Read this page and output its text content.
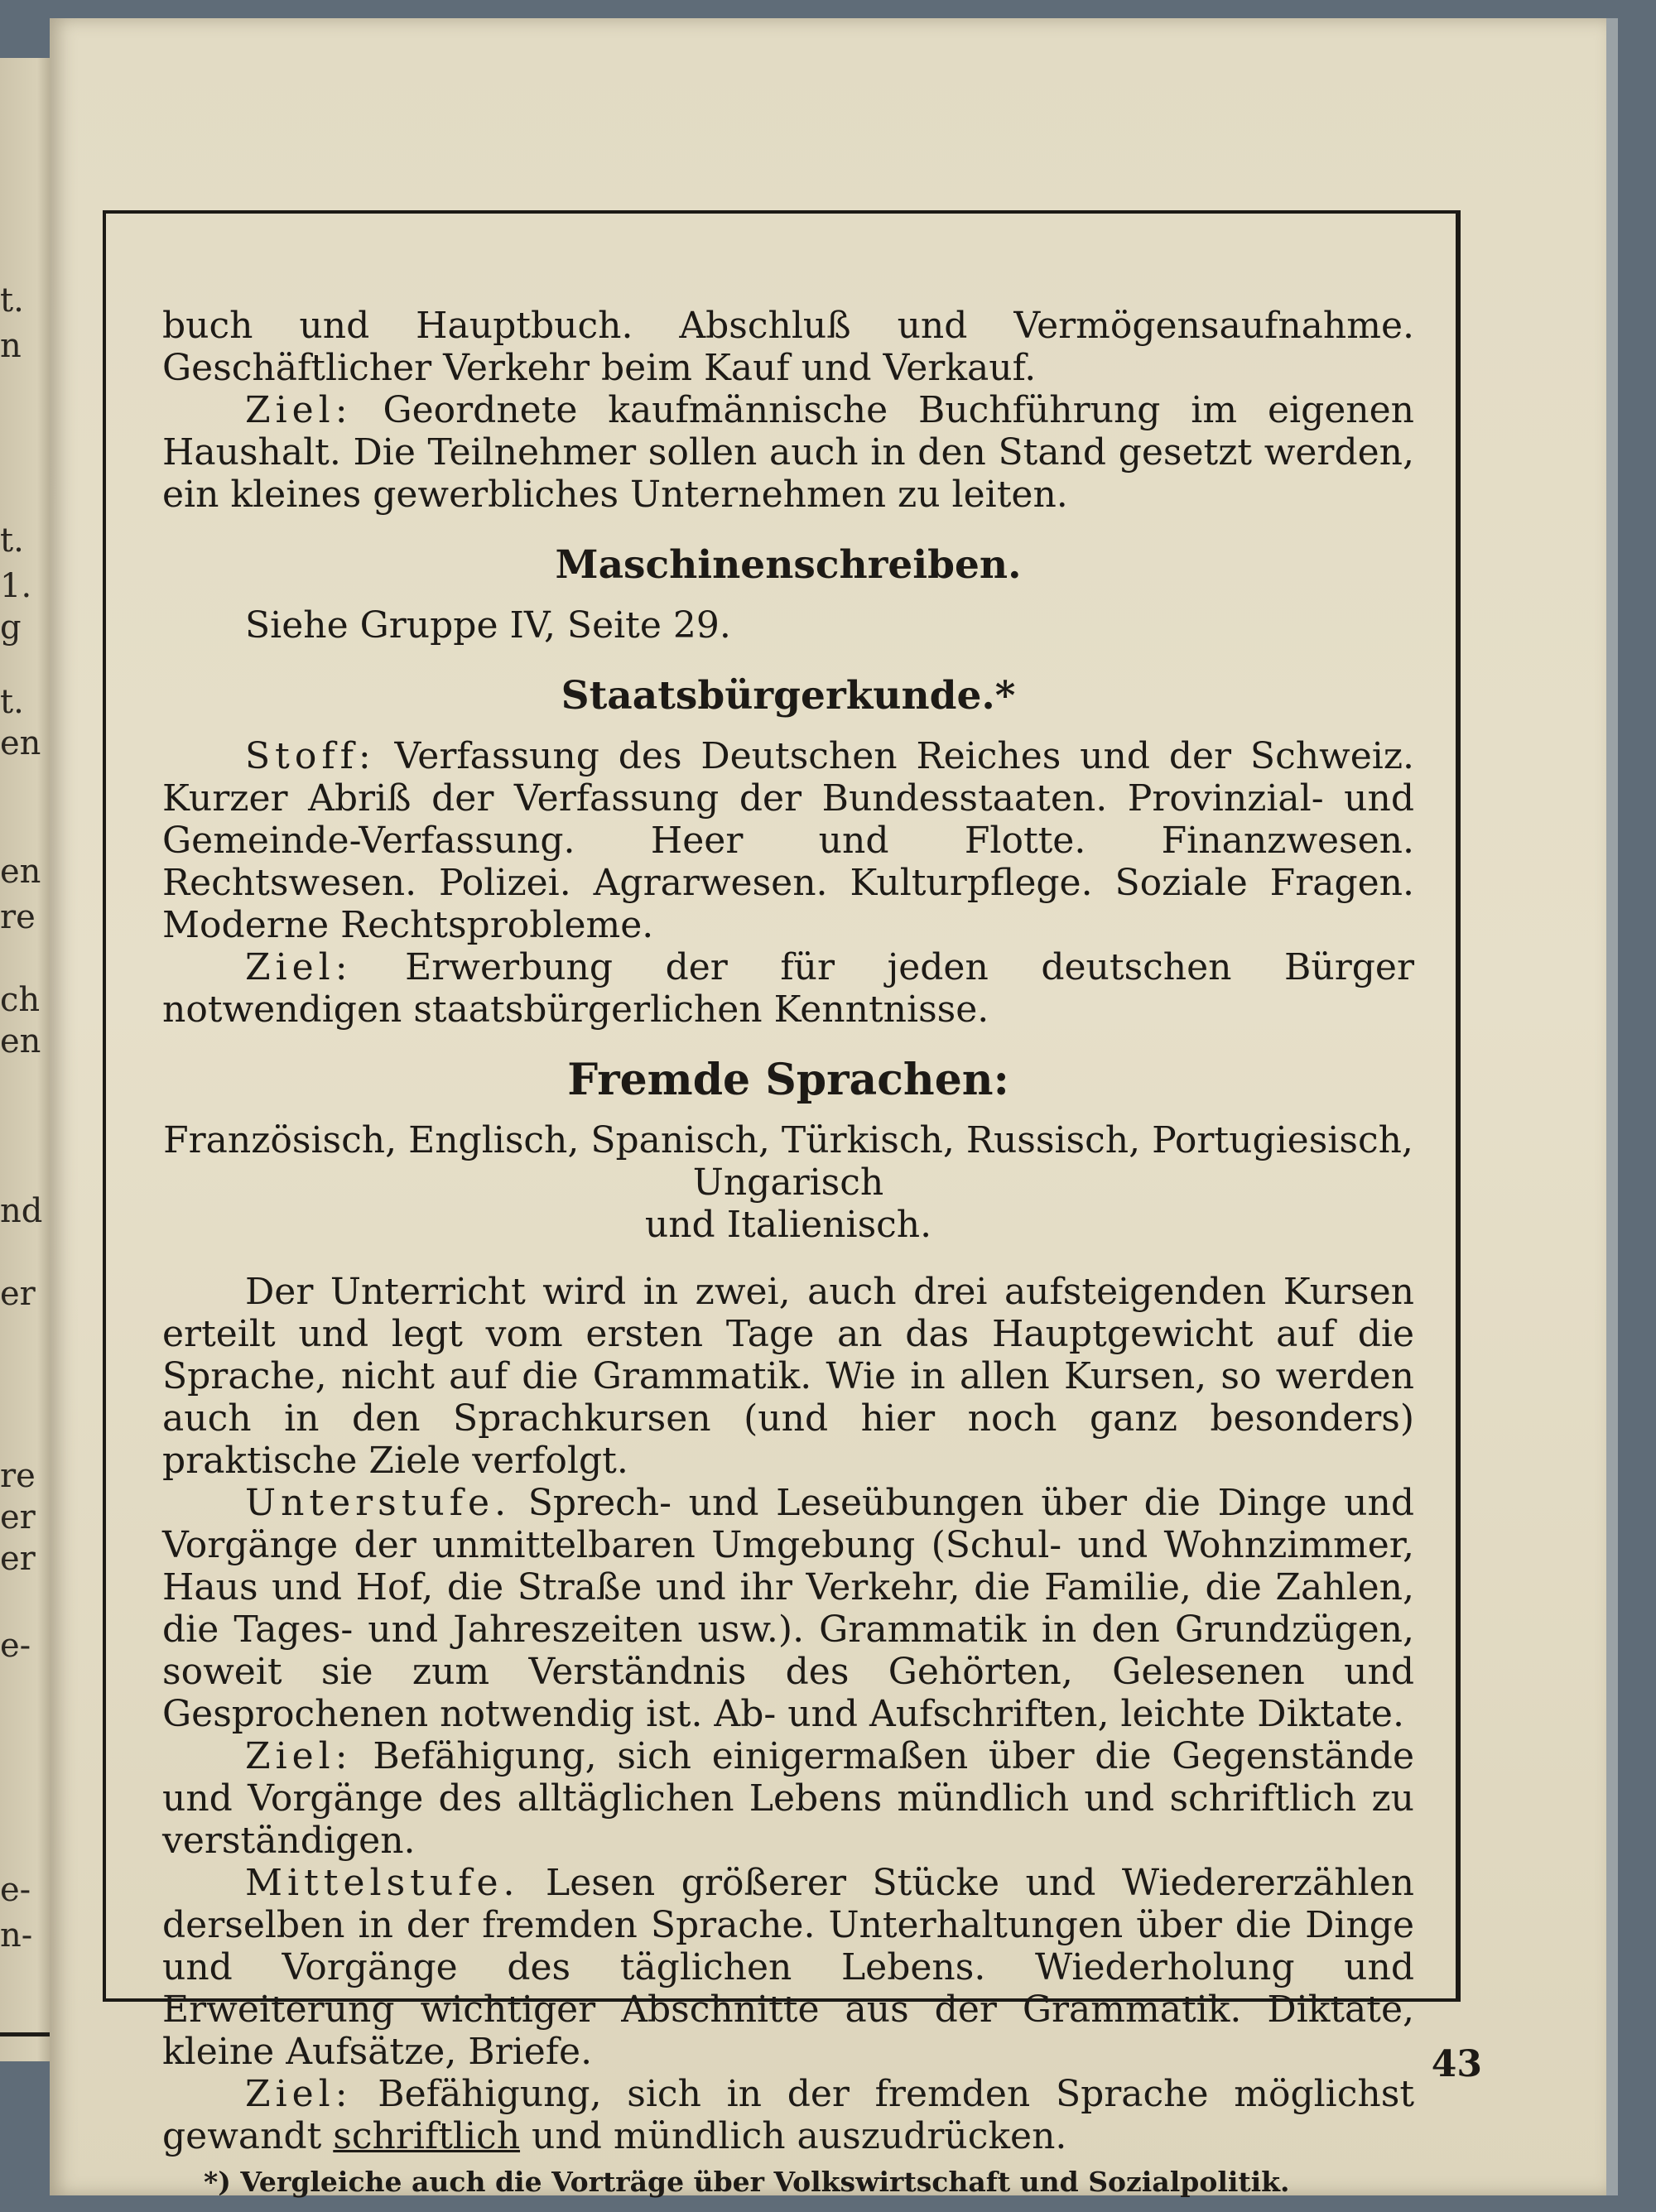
t.
n
t.
1.
g
t.
en
en
re
ch
en
nd
er
re
er
er
e-
e-
n-

buch und Hauptbuch. Abschluß und Vermögensaufnahme. Geschäftlicher Verkehr beim Kauf und Verkauf.

Ziel: Geordnete kaufmännische Buchführung im eigenen Haushalt. Die Teilnehmer sollen auch in den Stand gesetzt werden, ein kleines gewerbliches Unternehmen zu leiten.

Maschinenschreiben.

Siehe Gruppe IV, Seite 29.

Staatsbürgerkunde.*

Stoff: Verfassung des Deutschen Reiches und der Schweiz. Kurzer Abriß der Verfassung der Bundesstaaten. Provinzial- und Gemeinde-Verfassung. Heer und Flotte. Finanzwesen. Rechtswesen. Polizei. Agrarwesen. Kulturpflege. Soziale Fragen. Moderne Rechtsprobleme.

Ziel: Erwerbung der für jeden deutschen Bürger notwendigen staatsbürgerlichen Kenntnisse.

Fremde Sprachen:
Französisch, Englisch, Spanisch, Türkisch, Russisch, Portugiesisch, Ungarisch
und Italienisch.

Der Unterricht wird in zwei, auch drei aufsteigenden Kursen erteilt und legt vom ersten Tage an das Hauptgewicht auf die Sprache, nicht auf die Grammatik. Wie in allen Kursen, so werden auch in den Sprachkursen (und hier noch ganz besonders) praktische Ziele verfolgt.

Unterstufe. Sprech- und Leseübungen über die Dinge und Vorgänge der unmittelbaren Umgebung (Schul- und Wohnzimmer, Haus und Hof, die Straße und ihr Verkehr, die Familie, die Zahlen, die Tages- und Jahreszeiten usw.). Grammatik in den Grundzügen, soweit sie zum Verständnis des Gehörten, Gelesenen und Gesprochenen notwendig ist. Ab- und Aufschriften, leichte Diktate.

Ziel: Befähigung, sich einigermaßen über die Gegenstände und Vorgänge des alltäglichen Lebens mündlich und schriftlich zu verständigen.

Mittelstufe. Lesen größerer Stücke und Wiedererzählen derselben in der fremden Sprache. Unterhaltungen über die Dinge und Vorgänge des täglichen Lebens. Wiederholung und Erweiterung wichtiger Abschnitte aus der Grammatik. Diktate, kleine Aufsätze, Briefe.

Ziel: Befähigung, sich in der fremden Sprache möglichst gewandt schriftlich und mündlich auszudrücken.

*) Vergleiche auch die Vorträge über Volkswirtschaft und Sozialpolitik.
43
